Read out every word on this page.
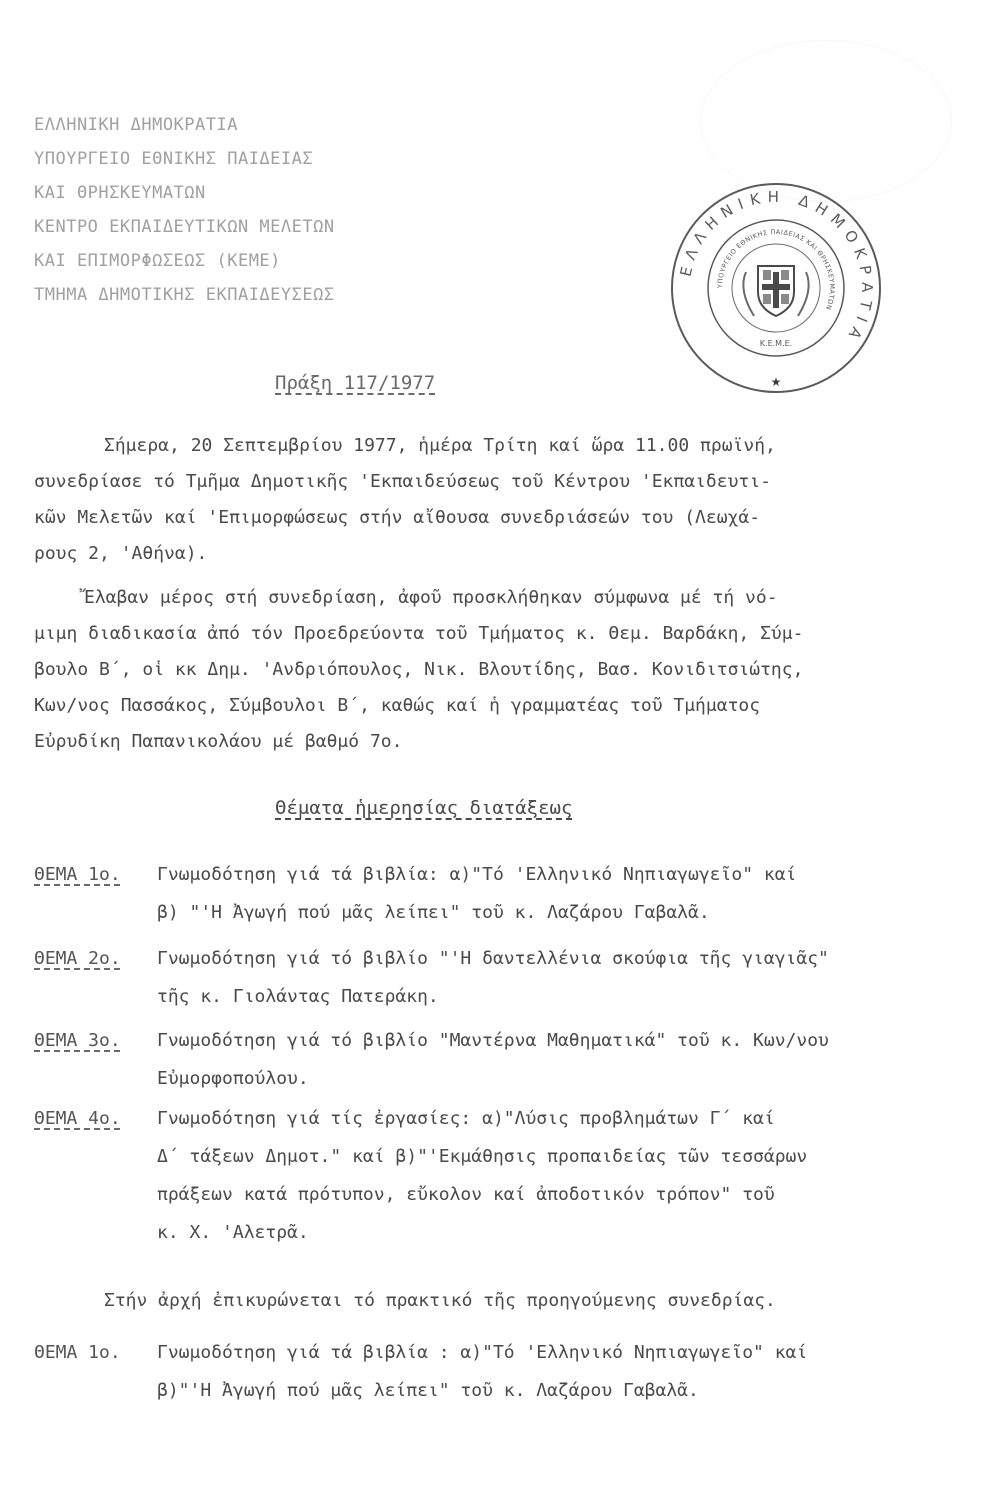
ΕΛΛΗΝΙΚΗ ΔΗΜΟΚΡΑΤΙΑ
ΥΠΟΥΡΓΕΙΟ ΕΘΝΙΚΗΣ ΠΑΙΔΕΙΑΣ
ΚΑΙ ΘΡΗΣΚΕΥΜΑΤΩΝ
ΚΕΝΤΡΟ ΕΚΠΑΙΔΕΥΤΙΚΩΝ ΜΕΛΕΤΩΝ
ΚΑΙ ΕΠΙΜΟΡΦΩΣΕΩΣ (ΚΕΜΕ)
ΤΜΗΜΑ ΔΗΜΟΤΙΚΗΣ ΕΚΠΑΙΔΕΥΣΕΩΣ
ΕΛΛΗΝΙΚΗ ΔΗΜΟΚΡΑΤΙΑ
ΥΠΟΥΡΓΕΙΟ ΕΘΝΙΚΗΣ ΠΑΙΔΕΙΑΣ ΚΑΙ ΘΡΗΣΚΕΥΜΑΤΩΝ
Κ.Ε.Μ.Ε.
★
Πράξη 117/1977
Σήμερα, 20 Σεπτεμβρίου 1977, ἡμέρα Τρίτη καί ὥρα 11.00 πρωϊνή,
συνεδρίασε τό Τμῆμα Δημοτικῆς 'Εκπαιδεύσεως τοῦ Κέντρου 'Εκπαιδευτι-
κῶν Μελετῶν καί 'Επιμορφώσεως στήν αἴθουσα συνεδριάσεών του (Λεωχά-
ρους 2, 'Αθήνα).
Ἔλαβαν μέρος στή συνεδρίαση, ἀφοῦ προσκλήθηκαν σύμφωνα μέ τή νό-
μιμη διαδικασία ἀπό τόν Προεδρεύοντα τοῦ Τμήματος κ. Θεμ. Βαρδάκη, Σύμ-
βουλο Β΄, οἱ κκ Δημ. 'Ανδριόπουλος, Νικ. Βλουτίδης, Βασ. Κονιδιτσιώτης,
Κων/νος Πασσάκος, Σύμβουλοι Β΄, καθώς καί ἡ γραμματέας τοῦ Τμήματος
Εὐρυδίκη Παπανικολάου μέ βαθμό 7ο.
Θέματα ἡμερησίας διατάξεως
ΘΕΜΑ 1ο.	Γνωμοδότηση γιά τά βιβλία: α)"Τό 'Ελληνικό Νηπιαγωγεῖο" καί
β) "'Η Ἀγωγή πού μᾶς λείπει" τοῦ κ. Λαζάρου Γαβαλᾶ.
ΘΕΜΑ 2ο.	Γνωμοδότηση γιά τό βιβλίο "'Η δαντελλένια σκούφια τῆς γιαγιᾶς"
τῆς κ. Γιολάντας Πατεράκη.
ΘΕΜΑ 3ο.	Γνωμοδότηση γιά τό βιβλίο "Μαντέρνα Μαθηματικά" τοῦ κ. Κων/νου
Εὐμορφοπούλου.
ΘΕΜΑ 4ο.	Γνωμοδότηση γιά τίς ἐργασίες: α)"Λύσις προβλημάτων Γ΄ καί
Δ΄ τάξεων Δημοτ." καί β)"'Εκμάθησις προπαιδείας τῶν τεσσάρων
πράξεων κατά πρότυπον, εὔκολον καί ἀποδοτικόν τρόπον" τοῦ
κ. Χ. 'Αλετρᾶ.
Στήν ἀρχή ἐπικυρώνεται τό πρακτικό τῆς προηγούμενης συνεδρίας.
ΘΕΜΑ 1ο.	Γνωμοδότηση γιά τά βιβλία : α)"Τό 'Ελληνικό Νηπιαγωγεῖο" καί
β)"'Η Ἀγωγή πού μᾶς λείπει" τοῦ κ. Λαζάρου Γαβαλᾶ.
